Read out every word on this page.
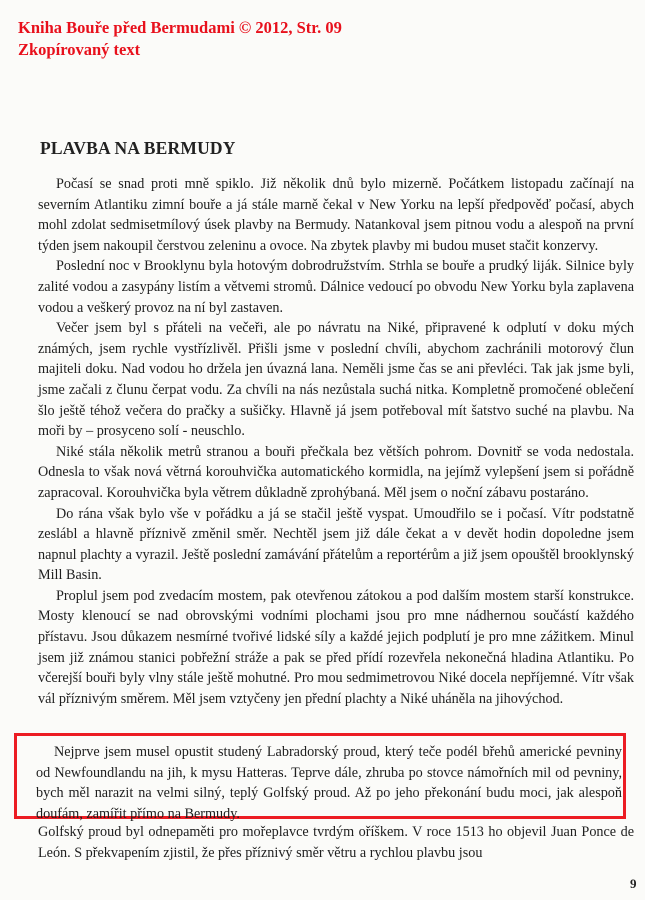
Kniha Bouře před Bermudami © 2012, Str. 09
Zkopírovaný text
PLAVBA NA BERMUDY

Počasí se snad proti mně spiklo. Již několik dnů bylo mizerně. Počátkem listopadu začínají na severním Atlantiku zimní bouře a já stále marně čekal v New Yorku na lepší předpověď počasí, abych mohl zdolat sedmisetmílový úsek plavby na Bermudy. Natankoval jsem pitnou vodu a alespoň na první týden jsem nakoupil čerstvou zeleninu a ovoce. Na zbytek plavby mi budou muset stačit konzervy.

Poslední noc v Brooklynu byla hotovým dobrodružstvím. Strhla se bouře a prudký liják. Silnice byly zalité vodou a zasypány listím a větvemi stromů. Dálnice vedoucí po obvodu New Yorku byla zaplavena vodou a veškerý provoz na ní byl zastaven.

Večer jsem byl s přáteli na večeři, ale po návratu na Niké, připravené k odplutí v doku mých známých, jsem rychle vystřízlivěl. Přišli jsme v poslední chvíli, abychom zachránili motorový člun majiteli doku. Nad vodou ho držela jen úvazná lana. Neměli jsme čas se ani převléci. Tak jak jsme byli, jsme začali z člunu čerpat vodu. Za chvíli na nás nezůstala suchá nitka. Kompletně promočené oblečení šlo ještě téhož večera do pračky a sušičky. Hlavně já jsem potřeboval mít šatstvo suché na plavbu. Na moři by – prosyceno solí - neuschlo.

Niké stála několik metrů stranou a bouři přečkala bez větších pohrom. Dovnitř se voda nedostala. Odnesla to však nová větrná korouhvička automatického kormidla, na jejímž vylepšení jsem si pořádně zapracoval. Korouhvička byla větrem důkladně zprohýbaná. Měl jsem o noční zábavu postaráno.

Do rána však bylo vše v pořádku a já se stačil ještě vyspat. Umoudřilo se i počasí. Vítr podstatně zeslábl a hlavně příznivě změnil směr. Nechtěl jsem již dále čekat a v devět hodin dopoledne jsem napnul plachty a vyrazil. Ještě poslední zamávání přátelům a reportérům a již jsem opouštěl brooklynský Mill Basin.

Proplul jsem pod zvedacím mostem, pak otevřenou zátokou a pod dalším mostem starší konstrukce. Mosty klenoucí se nad obrovskými vodními plochami jsou pro mne nádhernou součástí každého přístavu. Jsou důkazem nesmírné tvořivé lidské síly a každé jejich podplutí je pro mne zážitkem. Minul jsem již známou stanici pobřežní stráže a pak se před přídí rozevřela nekonečná hladina Atlantiku. Po včerejší bouři byly vlny stále ještě mohutné. Pro mou sedmimetrovou Niké docela nepříjemné. Vítr však vál příznivým směrem. Měl jsem vztyčeny jen přední plachty a Niké uháněla na jihovýchod.

Nejprve jsem musel opustit studený Labradorský proud, který teče podél břehů americké pevniny od Newfoundlandu na jih, k mysu Hatteras. Teprve dále, zhruba po stovce námořních mil od pevniny, bych měl narazit na velmi silný, teplý Golfský proud. Až po jeho překonání budu moci, jak alespoň doufám, zamířit přímo na Bermudy.

Golfský proud byl odnepaměti pro mořeplavce tvrdým oříškem. V roce 1513 ho objevil Juan Ponce de León. S překvapením zjistil, že přes příznivý směr větru a rychlou plavbu jsou

9
